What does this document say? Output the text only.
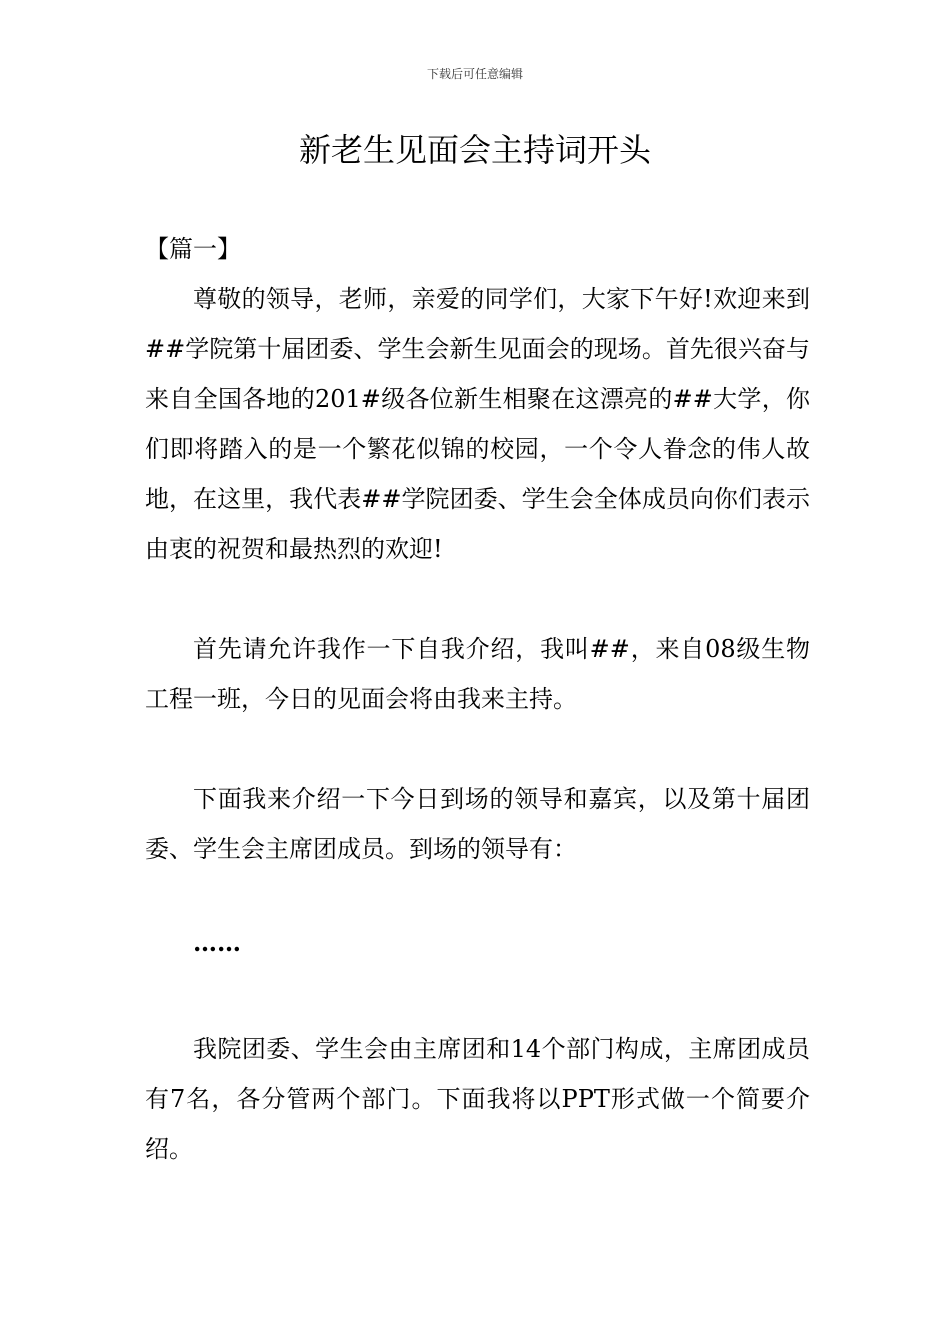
下载后可任意编辑
新老生见面会主持词开头
【篇一】

尊敬的领导，老师，亲爱的同学们，大家下午好!欢迎来到##学院第十届团委、学生会新生见面会的现场。首先很兴奋与来自全国各地的201#级各位新生相聚在这漂亮的##大学，你们即将踏入的是一个繁花似锦的校园，一个令人眷念的伟人故地，在这里，我代表##学院团委、学生会全体成员向你们表示由衷的祝贺和最热烈的欢迎!

首先请允许我作一下自我介绍，我叫##，来自08级生物工程一班，今日的见面会将由我来主持。

下面我来介绍一下今日到场的领导和嘉宾，以及第十届团委、学生会主席团成员。到场的领导有：

……

我院团委、学生会由主席团和14个部门构成，主席团成员有7名，各分管两个部门。下面我将以PPT形式做一个简要介绍。
